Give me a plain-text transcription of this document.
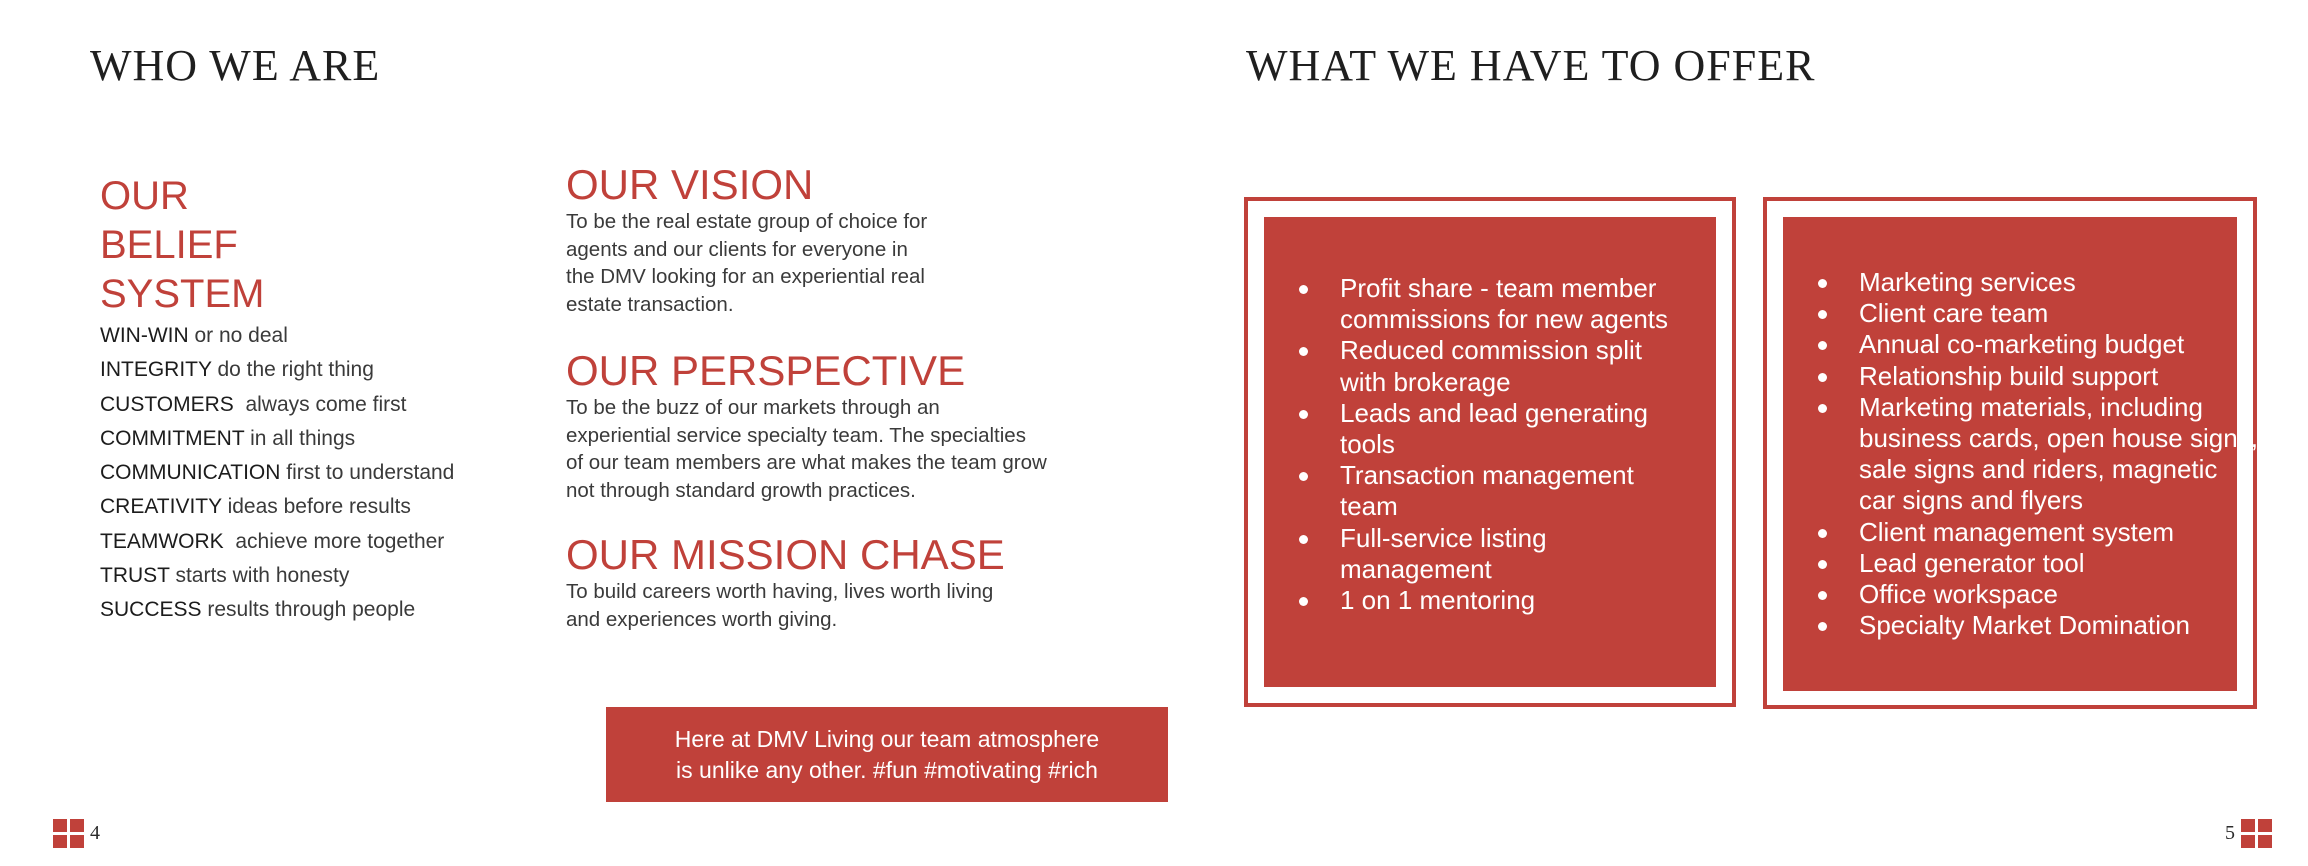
WHO WE ARE
OUR
BELIEF
SYSTEM
WIN-WIN or no deal
INTEGRITY do the right thing
CUSTOMERS  always come first
COMMITMENT in all things
COMMUNICATION first to understand
CREATIVITY ideas before results
TEAMWORK  achieve more together
TRUST starts with honesty
SUCCESS results through people
OUR VISION
To be the real estate group of choice for
agents and our clients for everyone in
the DMV looking for an experiential real
estate transaction.
OUR PERSPECTIVE
To be the buzz of our markets through an
experiential service specialty team. The specialties
of our team members are what makes the team grow
not through standard growth practices.
OUR MISSION CHASE
To build careers worth having, lives worth living
and experiences worth giving.
Here at DMV Living our team atmosphere
is unlike any other. #fun #motivating #rich
4
WHAT WE HAVE TO OFFER
Profit share - team member
commissions for new agents
Reduced commission split
with brokerage
Leads and lead generating
tools
Transaction management
team
Full-service listing
management
1 on 1 mentoring
Marketing services
Client care team
Annual co-marketing budget
Relationship build support
Marketing materials, including
business cards, open house signs,
sale signs and riders, magnetic
car signs and flyers
Client management system
Lead generator tool
Office workspace
Specialty Market Domination
5
